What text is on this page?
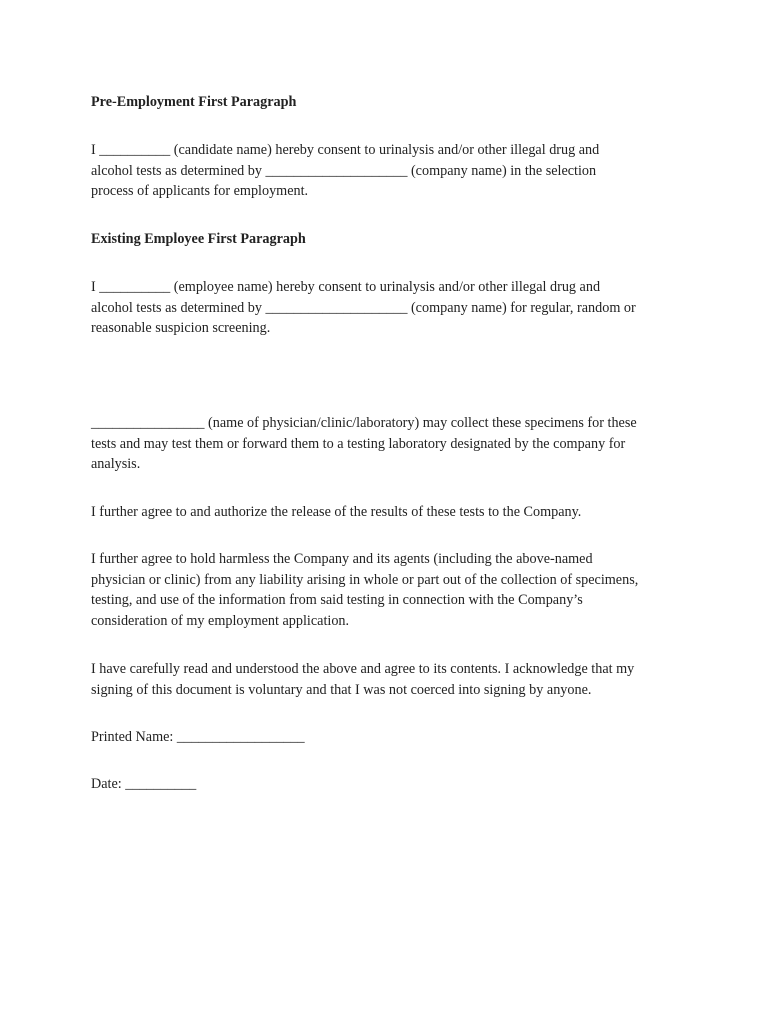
Pre-Employment First Paragraph

I __________ (candidate name) hereby consent to urinalysis and/or other illegal drug and
alcohol tests as determined by ____________________ (company name) in the selection
process of applicants for employment.

Existing Employee First Paragraph

I __________ (employee name) hereby consent to urinalysis and/or other illegal drug and
alcohol tests as determined by ____________________ (company name) for regular, random or
reasonable suspicion screening.

________________ (name of physician/clinic/laboratory) may collect these specimens for these
tests and may test them or forward them to a testing laboratory designated by the company for
analysis.

I further agree to and authorize the release of the results of these tests to the Company.

I further agree to hold harmless the Company and its agents (including the above-named
physician or clinic) from any liability arising in whole or part out of the collection of specimens,
testing, and use of the information from said testing in connection with the Company’s
consideration of my employment application.

I have carefully read and understood the above and agree to its contents. I acknowledge that my
signing of this document is voluntary and that I was not coerced into signing by anyone.

Printed Name: __________________

Date: __________
